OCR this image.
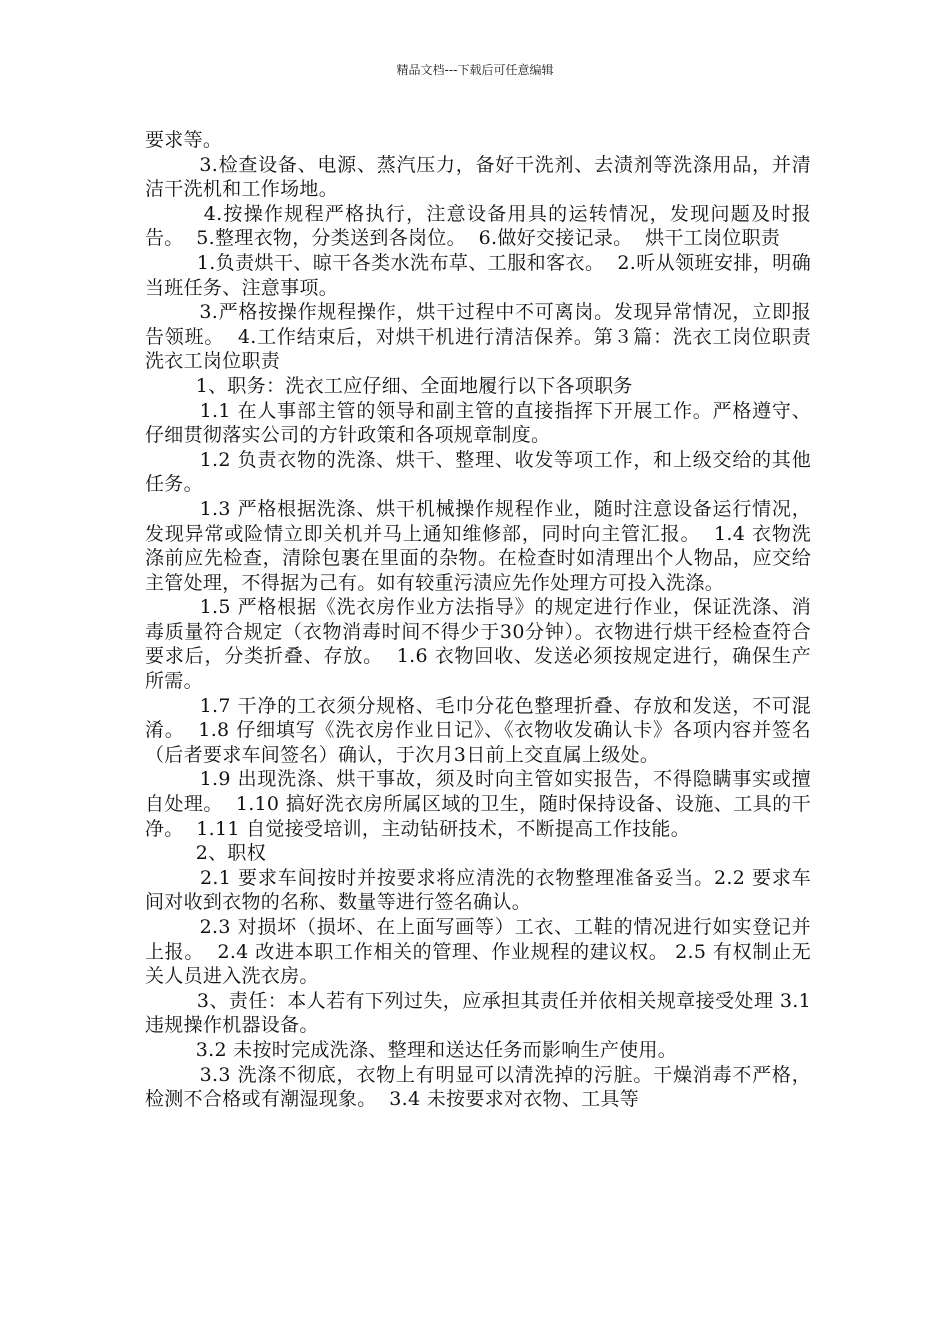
精品文档---下载后可任意编辑

要求等。

3.检查设备、电源、蒸汽压力，备好干洗剂、去渍剂等洗涤用品，并清洁干洗机和工作场地。

4.按操作规程严格执行，注意设备用具的运转情况，发现问题及时报告。  5.整理衣物，分类送到各岗位。  6.做好交接记录。  烘干工岗位职责

1.负责烘干、晾干各类水洗布草、工服和客衣。  2.听从领班安排，明确当班任务、注意事项。

3.严格按操作规程操作，烘干过程中不可离岗。发现异常情况，立即报告领班。  4.工作结束后，对烘干机进行清洁保养。第３篇：洗衣工岗位职责洗衣工岗位职责

1、职务：洗衣工应仔细、全面地履行以下各项职务

1.1 在人事部主管的领导和副主管的直接指挥下开展工作。严格遵守、仔细贯彻落实公司的方针政策和各项规章制度。

1.2 负责衣物的洗涤、烘干、整理、收发等项工作，和上级交给的其他任务。

1.3 严格根据洗涤、烘干机械操作规程作业，随时注意设备运行情况，发现异常或险情立即关机并马上通知维修部，同时向主管汇报。  1.4 衣物洗涤前应先检查，清除包裹在里面的杂物。在检查时如清理出个人物品，应交给主管处理，不得据为己有。如有较重污渍应先作处理方可投入洗涤。

1.5 严格根据《洗衣房作业方法指导》的规定进行作业，保证洗涤、消毒质量符合规定（衣物消毒时间不得少于30分钟）。衣物进行烘干经检查符合要求后，分类折叠、存放。  1.6 衣物回收、发送必须按规定进行，确保生产所需。

1.7 干净的工衣须分规格、毛巾分花色整理折叠、存放和发送，不可混淆。  1.8 仔细填写《洗衣房作业日记》、《衣物收发确认卡》各项内容并签名（后者要求车间签名）确认，于次月3日前上交直属上级处。

1.9 出现洗涤、烘干事故，须及时向主管如实报告，不得隐瞒事实或擅自处理。  1.10 搞好洗衣房所属区域的卫生，随时保持设备、设施、工具的干净。  1.11 自觉接受培训，主动钻研技术，不断提高工作技能。

2、职权

2.1 要求车间按时并按要求将应清洗的衣物整理准备妥当。2.2 要求车间对收到衣物的名称、数量等进行签名确认。

2.3 对损坏（损坏、在上面写画等）工衣、工鞋的情况进行如实登记并上报。  2.4 改进本职工作相关的管理、作业规程的建议权。 2.5 有权制止无关人员进入洗衣房。

3、责任：本人若有下列过失，应承担其责任并依相关规章接受处理 3.1 违规操作机器设备。

3.2 未按时完成洗涤、整理和送达任务而影响生产使用。

3.3 洗涤不彻底，衣物上有明显可以清洗掉的污脏。干燥消毒不严格，检测不合格或有潮湿现象。  3.4 未按要求对衣物、工具等
